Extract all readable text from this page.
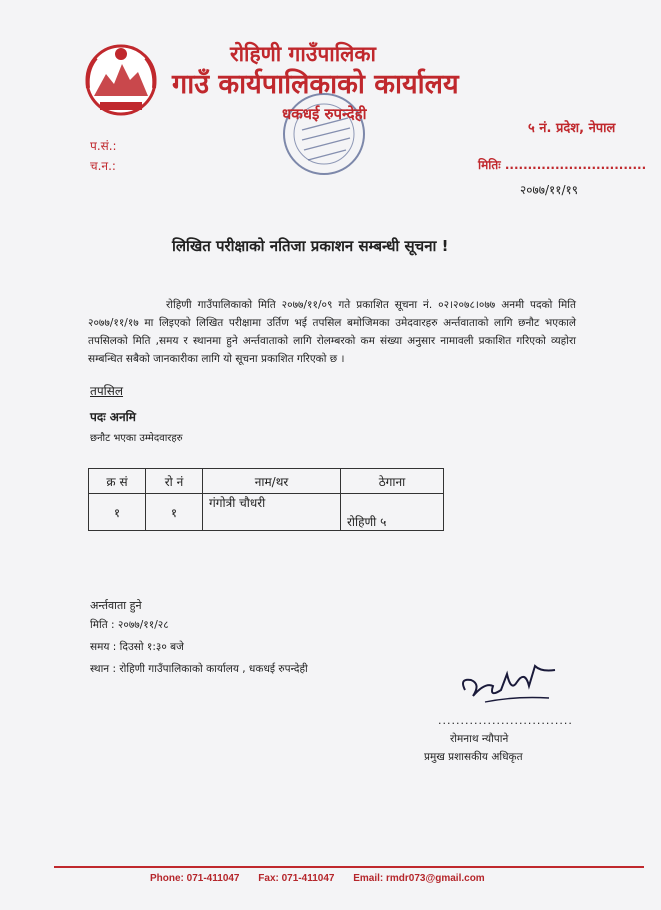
रोहिणी गाउँपालिका
गाउँ कार्यपालिकाको कार्यालय
धकधई रुपन्देही
५ नं. प्रदेश, नेपाल
प.सं.:
च.न.:	मितिः ...............................
२०७७/११/१९
लिखित परीक्षाको नतिजा प्रकाशन सम्बन्धी सूचना !
रोहिणी गाउँपालिकाको मिति २०७७/११/०९ गते प्रकाशित सूचना नं. ०२।२०७८।०७७ अनमी पदको मिति २०७७/११/१७ मा लिइएको लिखित परीक्षामा उर्तिण भई तपसिल बमोजिमका उमेदवारहरु अर्न्तवाताको लागि छनौट भएकाले तपसिलको मिति ,समय र स्थानमा हुने अर्न्तवाताको लागि रोलम्बरको कम संख्या अनुसार नामावली प्रकाशित गरिएको व्यहोरा सम्बन्धित सबैको जानकारीका लागि यो सूचना प्रकाशित गरिएको छ ।
तपसिल
पदः अनमि
छनौट भएका उम्मेदवारहरु
क्र सं	रो नं	नाम/थर	ठेगाना
१	१	गंगोत्री चौधरी	रोहिणी ५
अर्न्तवाता हुने
मिति : २०७७/११/२८
समय : दिउसो १:३० बजे
स्थान : रोहिणी गाउँपालिकाको कार्यालय , धकधई रुपन्देही
..............................
रोमनाथ न्यौपाने
प्रमुख प्रशासकीय अधिकृत
Phone: 071-411047 Fax: 071-411047 Email: rmdr073@gmail.com
